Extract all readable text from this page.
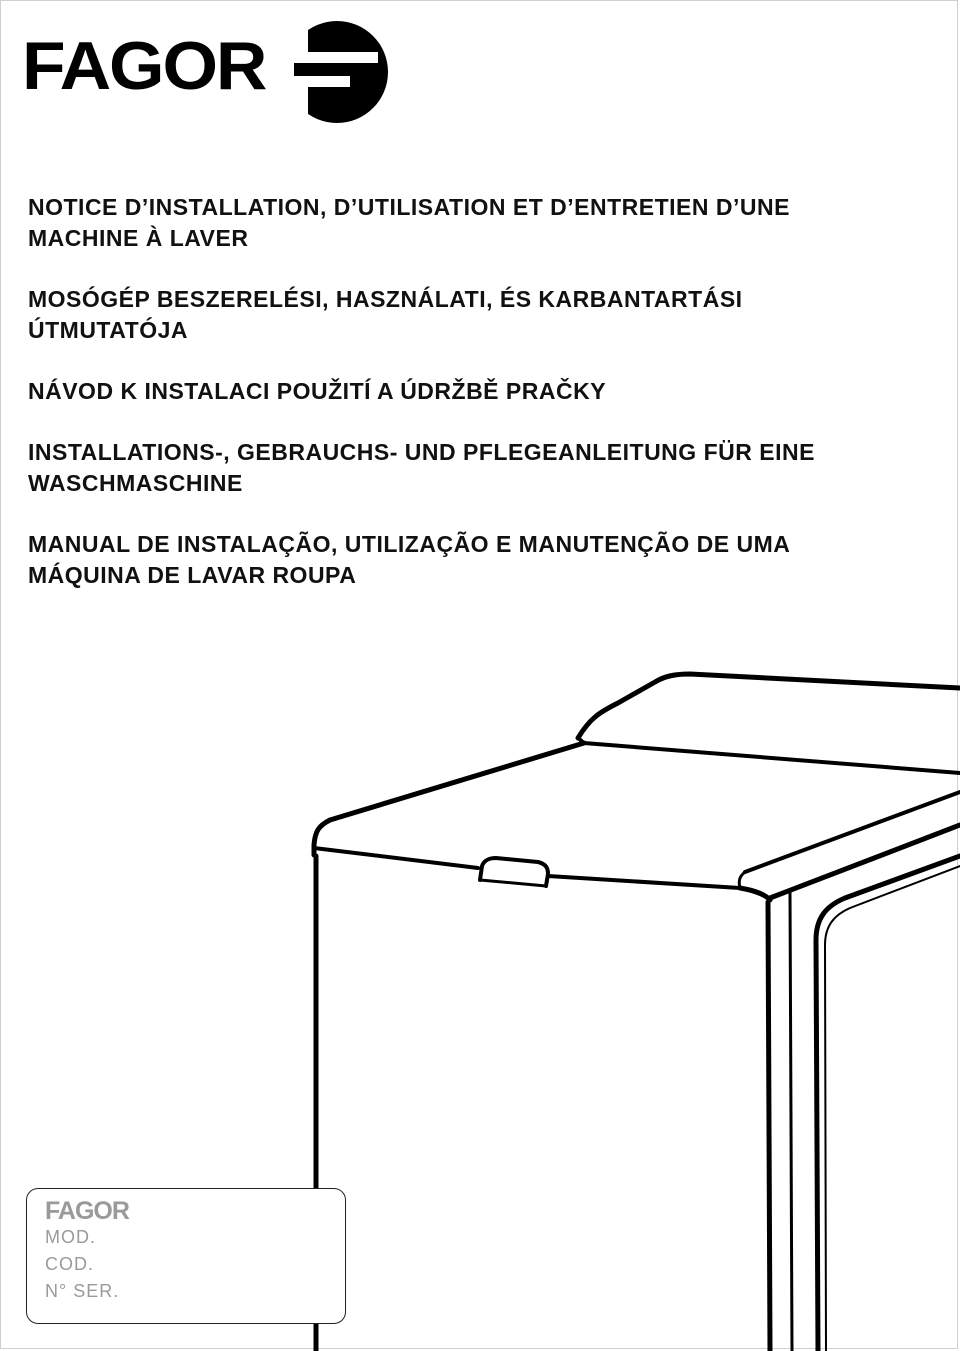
FAGOR
NOTICE D’INSTALLATION, D’UTILISATION ET D’ENTRETIEN D’UNE
MACHINE À LAVER
MOSÓGÉP BESZERELÉSI, HASZNÁLATI, ÉS KARBANTARTÁSI
ÚTMUTATÓJA
NÁVOD K INSTALACI POUŽITÍ A ÚDRŽBĚ PRAČKY
INSTALLATIONS-, GEBRAUCHS- UND PFLEGEANLEITUNG FÜR EINE
WASCHMASCHINE
MANUAL DE INSTALAÇÃO, UTILIZAÇÃO E MANUTENÇÃO DE UMA
MÁQUINA DE LAVAR ROUPA
FAGOR
MOD.
COD.
N° SER.
